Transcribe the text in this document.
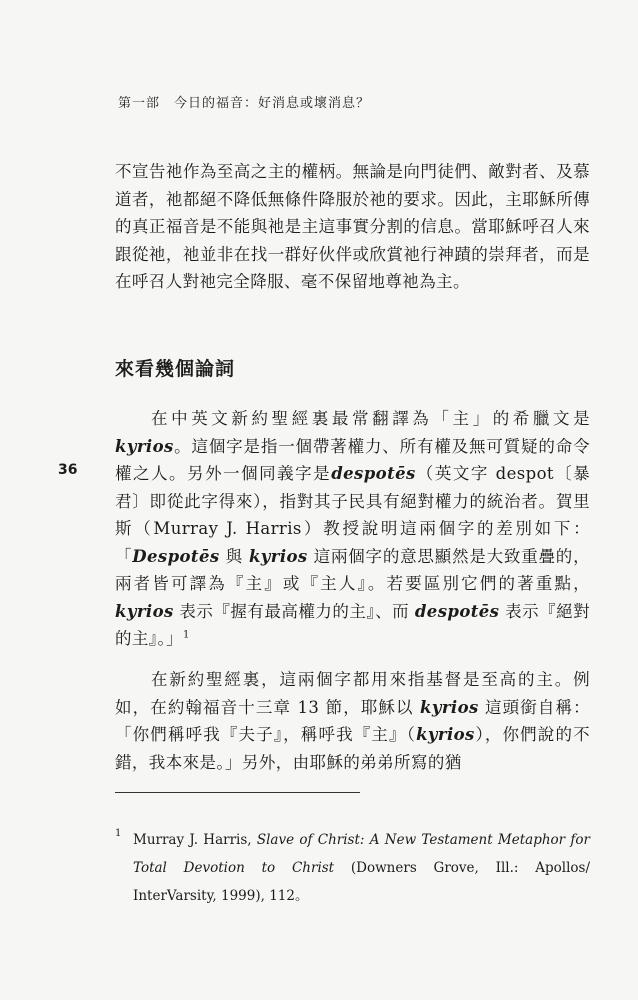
第一部　今日的福音：好消息或壞消息？

不宣告祂作為至高之主的權柄。無論是向門徒們、敵對者、及慕道者，祂都絕不降低無條件降服於祂的要求。因此，主耶穌所傳的真正福音是不能與祂是主這事實分割的信息。當耶穌呼召人來跟從祂，祂並非在找一群好伙伴或欣賞祂行神蹟的崇拜者，而是在呼召人對祂完全降服、毫不保留地尊祂為主。

來看幾個論詞
36

在中英文新約聖經裏最常翻譯為「主」的希臘文是kyrios。這個字是指一個帶著權力、所有權及無可質疑的命令權之人。另外一個同義字是despotēs（英文字 despot〔暴君〕即從此字得來），指對其子民具有絕對權力的統治者。賀里斯（Murray J. Harris）教授說明這兩個字的差別如下：「Despotēs 與 kyrios 這兩個字的意思顯然是大致重疊的，兩者皆可譯為『主』或『主人』。若要區別它們的著重點，kyrios 表示『握有最高權力的主』、而 despotēs 表示『絕對的主』。」$^1$

在新約聖經裏，這兩個字都用來指基督是至高的主。例如，在約翰福音十三章 13 節，耶穌以 kyrios 這頭銜自稱：「你們稱呼我『夫子』，稱呼我『主』（kyrios），你們說的不錯，我本來是。」另外，由耶穌的弟弟所寫的猶

1 Murray J. Harris, Slave of Christ: A New Testament Metaphor for Total Devotion to Christ (Downers Grove, Ill.: Apollos/ InterVarsity, 1999), 112。
